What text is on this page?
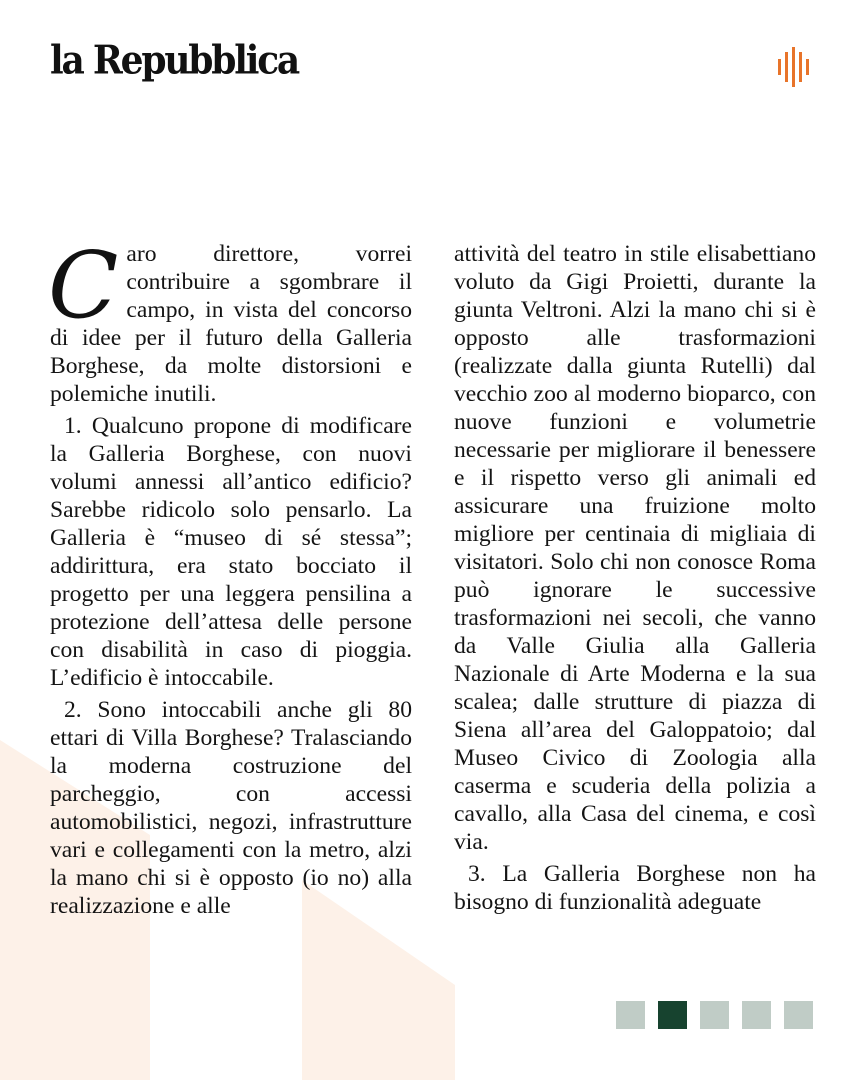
la Repubblica

Caro direttore, vorrei contribuire a sgombrare il campo, in vista del concorso di idee per il futuro della Galleria Borghese, da molte distorsioni e polemiche inutili.

1. Qualcuno propone di modificare la Galleria Borghese, con nuovi volumi annessi all’antico edificio? Sarebbe ridicolo solo pensarlo. La Galleria è “museo di sé stessa”; addirittura, era stato bocciato il progetto per una leggera pensilina a protezione dell’attesa delle persone con disabilità in caso di pioggia. L’edificio è intoccabile.

2. Sono intoccabili anche gli 80 ettari di Villa Borghese? Tralasciando la moderna costruzione del parcheggio, con accessi automobilistici, negozi, infrastrutture vari e collegamenti con la metro, alzi la mano chi si è opposto (io no) alla realizzazione e alle

attività del teatro in stile elisabettiano voluto da Gigi Proietti, durante la giunta Veltroni. Alzi la mano chi si è opposto alle trasformazioni (realizzate dalla giunta Rutelli) dal vecchio zoo al moderno bioparco, con nuove funzioni e volumetrie necessarie per migliorare il benessere e il rispetto verso gli animali ed assicurare una fruizione molto migliore per centinaia di migliaia di visitatori. Solo chi non conosce Roma può ignorare le successive trasformazioni nei secoli, che vanno da Valle Giulia alla Galleria Nazionale di Arte Moderna e la sua scalea; dalle strutture di piazza di Siena all’area del Galoppatoio; dal Museo Civico di Zoologia alla caserma e scuderia della polizia a cavallo, alla Casa del cinema, e così via.

3. La Galleria Borghese non ha bisogno di funzionalità adeguate
